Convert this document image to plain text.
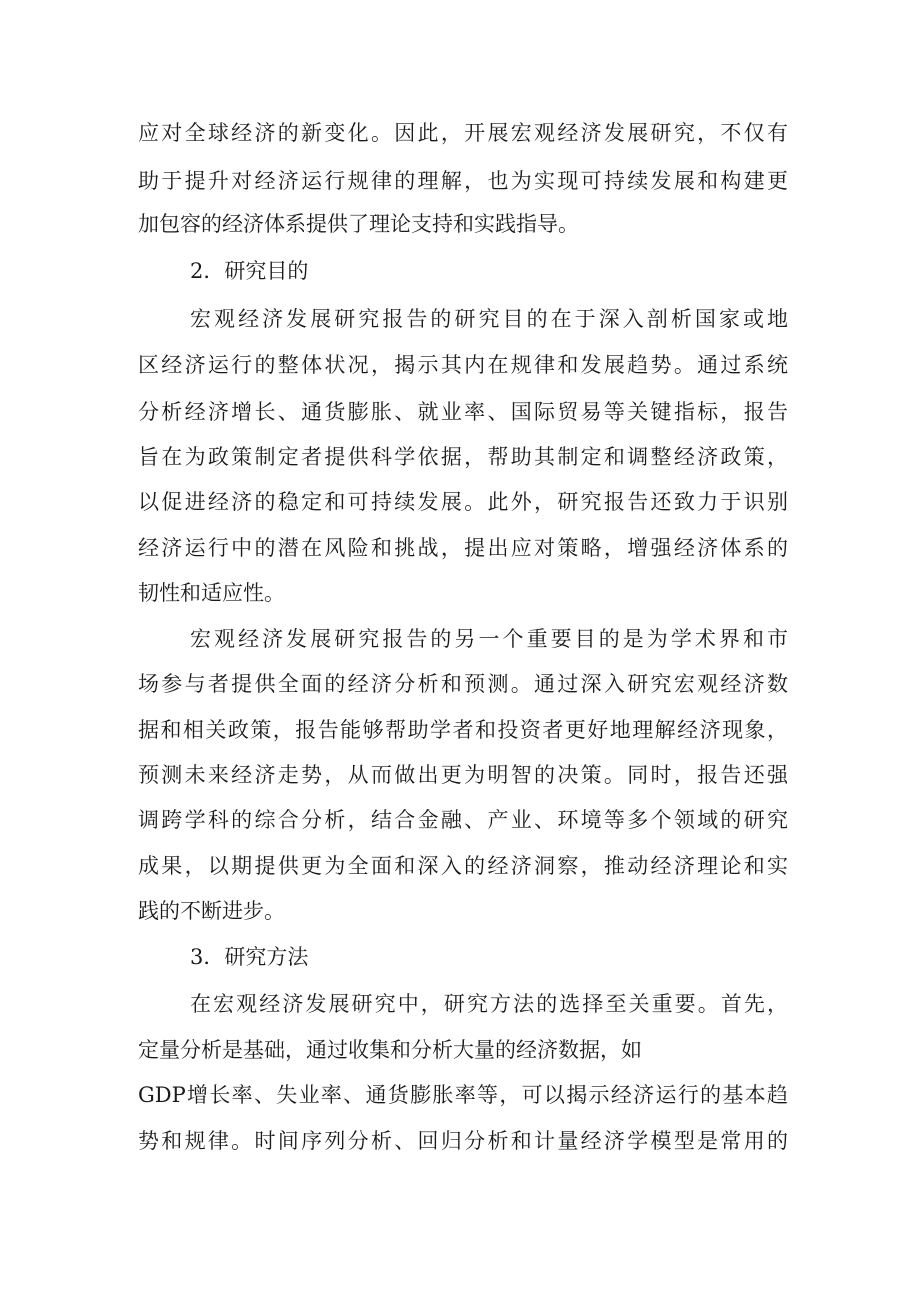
应对全球经济的新变化。因此，开展宏观经济发展研究，不仅有
助于提升对经济运行规律的理解，也为实现可持续发展和构建更
加包容的经济体系提供了理论支持和实践指导。
2．研究目的
宏观经济发展研究报告的研究目的在于深入剖析国家或地
区经济运行的整体状况，揭示其内在规律和发展趋势。通过系统
分析经济增长、通货膨胀、就业率、国际贸易等关键指标，报告
旨在为政策制定者提供科学依据，帮助其制定和调整经济政策，
以促进经济的稳定和可持续发展。此外，研究报告还致力于识别
经济运行中的潜在风险和挑战，提出应对策略，增强经济体系的
韧性和适应性。
宏观经济发展研究报告的另一个重要目的是为学术界和市
场参与者提供全面的经济分析和预测。通过深入研究宏观经济数
据和相关政策，报告能够帮助学者和投资者更好地理解经济现象，
预测未来经济走势，从而做出更为明智的决策。同时，报告还强
调跨学科的综合分析，结合金融、产业、环境等多个领域的研究
成果，以期提供更为全面和深入的经济洞察，推动经济理论和实
践的不断进步。
3．研究方法
在宏观经济发展研究中，研究方法的选择至关重要。首先，
定量分析是基础，通过收集和分析大量的经济数据，如
GDP增长率、失业率、通货膨胀率等，可以揭示经济运行的基本趋
势和规律。时间序列分析、回归分析和计量经济学模型是常用的
